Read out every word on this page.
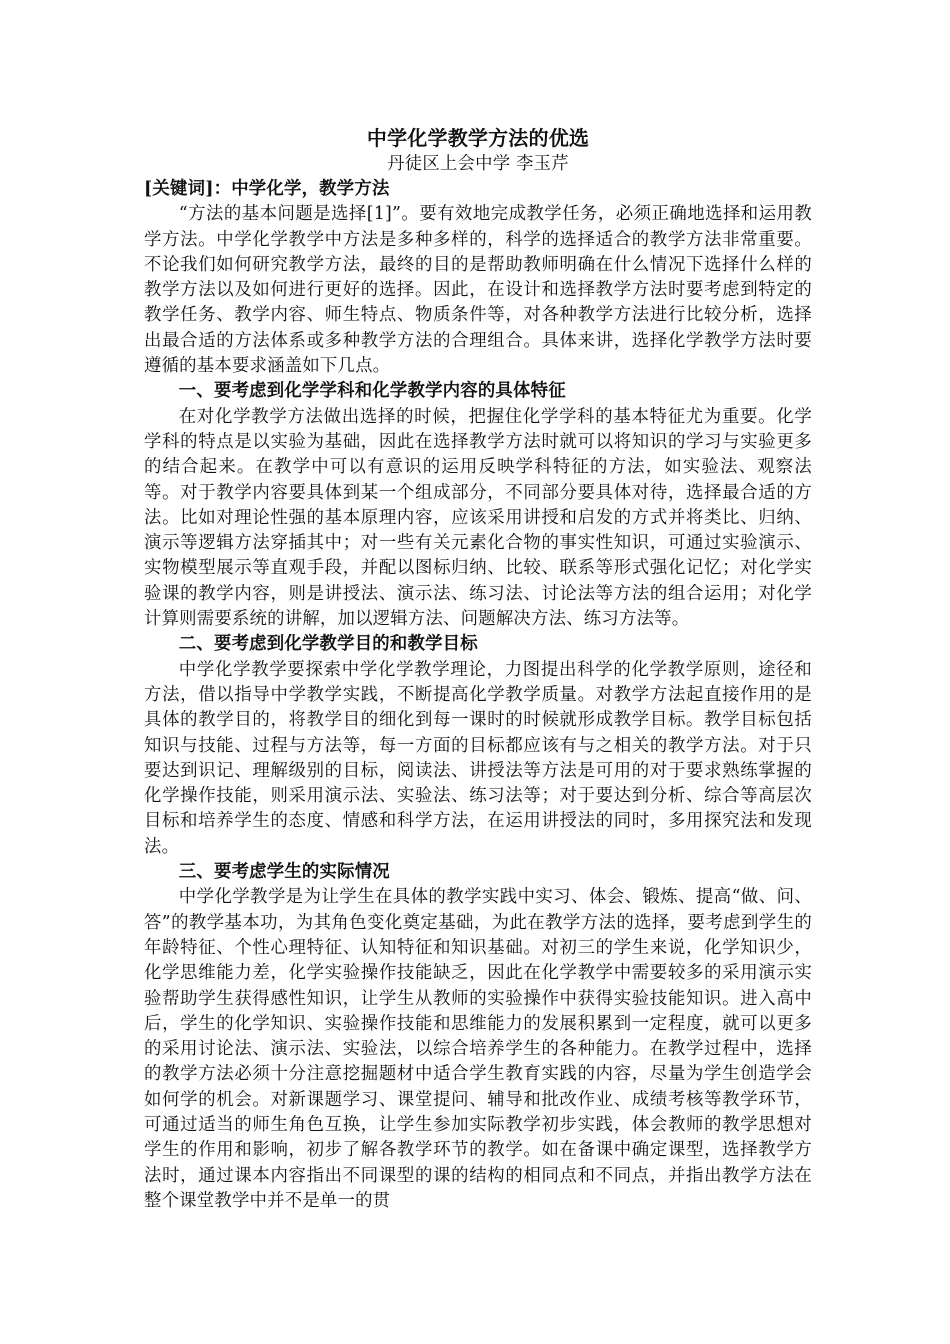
中学化学教学方法的优选

丹徒区上会中学 李玉芹

[关键词]：中学化学，教学方法

“方法的基本问题是选择[1]”。要有效地完成教学任务，必须正确地选择和运用教学方法。中学化学教学中方法是多种多样的，科学的选择适合的教学方法非常重要。不论我们如何研究教学方法，最终的目的是帮助教师明确在什么情况下选择什么样的教学方法以及如何进行更好的选择。因此，在设计和选择教学方法时要考虑到特定的教学任务、教学内容、师生特点、物质条件等，对各种教学方法进行比较分析，选择出最合适的方法体系或多种教学方法的合理组合。具体来讲，选择化学教学方法时要遵循的基本要求涵盖如下几点。

一、要考虑到化学学科和化学教学内容的具体特征

在对化学教学方法做出选择的时候，把握住化学学科的基本特征尤为重要。化学学科的特点是以实验为基础，因此在选择教学方法时就可以将知识的学习与实验更多的结合起来。在教学中可以有意识的运用反映学科特征的方法，如实验法、观察法等。对于教学内容要具体到某一个组成部分，不同部分要具体对待，选择最合适的方法。比如对理论性强的基本原理内容，应该采用讲授和启发的方式并将类比、归纳、演示等逻辑方法穿插其中；对一些有关元素化合物的事实性知识，可通过实验演示、实物模型展示等直观手段，并配以图标归纳、比较、联系等形式强化记忆；对化学实验课的教学内容，则是讲授法、演示法、练习法、讨论法等方法的组合运用；对化学计算则需要系统的讲解，加以逻辑方法、问题解决方法、练习方法等。

二、要考虑到化学教学目的和教学目标

中学化学教学要探索中学化学教学理论，力图提出科学的化学教学原则，途径和方法，借以指导中学教学实践，不断提高化学教学质量。对教学方法起直接作用的是具体的教学目的，将教学目的细化到每一课时的时候就形成教学目标。教学目标包括知识与技能、过程与方法等，每一方面的目标都应该有与之相关的教学方法。对于只要达到识记、理解级别的目标，阅读法、讲授法等方法是可用的对于要求熟练掌握的化学操作技能，则采用演示法、实验法、练习法等；对于要达到分析、综合等高层次目标和培养学生的态度、情感和科学方法，在运用讲授法的同时，多用探究法和发现法。

三、要考虑学生的实际情况

中学化学教学是为让学生在具体的教学实践中实习、体会、锻炼、提高“做、问、答”的教学基本功，为其角色变化奠定基础，为此在教学方法的选择，要考虑到学生的年龄特征、个性心理特征、认知特征和知识基础。对初三的学生来说，化学知识少，化学思维能力差，化学实验操作技能缺乏，因此在化学教学中需要较多的采用演示实验帮助学生获得感性知识，让学生从教师的实验操作中获得实验技能知识。进入高中后，学生的化学知识、实验操作技能和思维能力的发展积累到一定程度，就可以更多的采用讨论法、演示法、实验法，以综合培养学生的各种能力。在教学过程中，选择的教学方法必须十分注意挖掘题材中适合学生教育实践的内容，尽量为学生创造学会如何学的机会。对新课题学习、课堂提问、辅导和批改作业、成绩考核等教学环节，可通过适当的师生角色互换，让学生参加实际教学初步实践，体会教师的教学思想对学生的作用和影响，初步了解各教学环节的教学。如在备课中确定课型，选择教学方法时，通过课本内容指出不同课型的课的结构的相同点和不同点，并指出教学方法在整个课堂教学中并不是单一的贯
